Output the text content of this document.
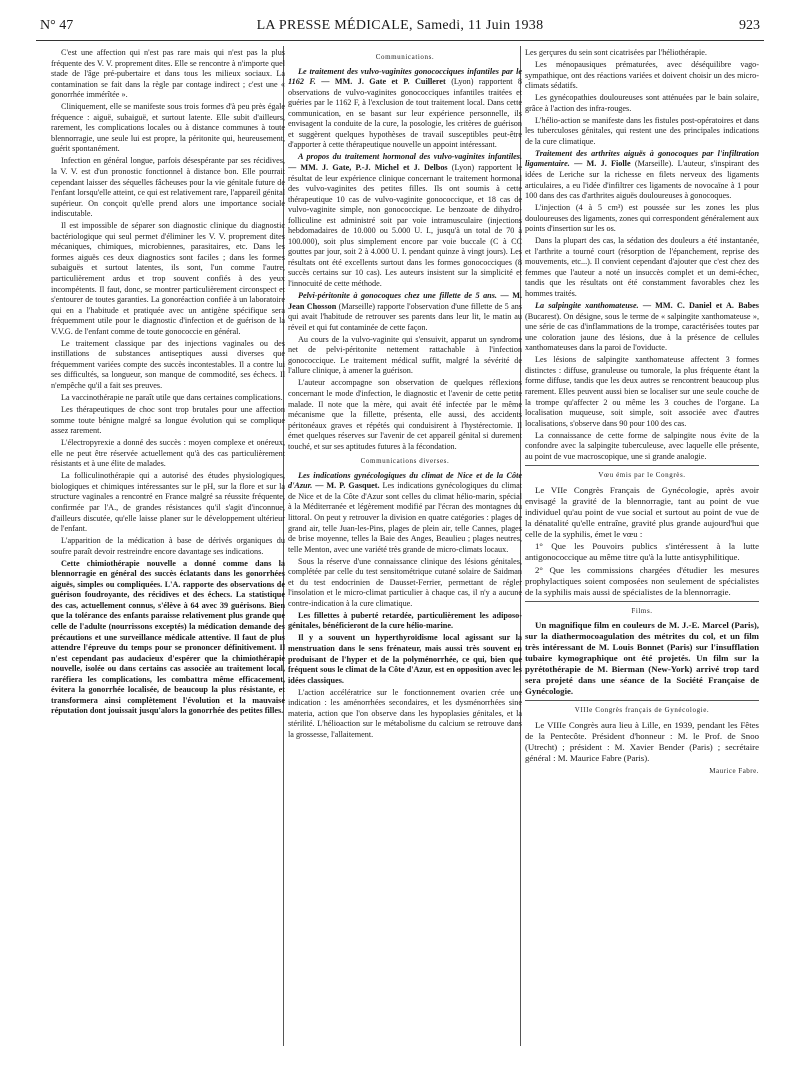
N° 47	LA PRESSE MÉDICALE, Samedi, 11 Juin 1938	923

C'est une affection qui n'est pas rare mais qui n'est pas la plus fréquente des V. V. proprement dites. Elle se rencontre à n'importe quel stade de l'âge pré-pubertaire et dans tous les milieux sociaux. La contamination se fait dans la règle par contage indirect ; c'est une « gonorrhée immérîtée ».

Cliniquement, elle se manifeste sous trois formes d'à peu près égale fréquence : aiguë, subaiguë, et surtout latente. Elle subit d'ailleurs, rarement, les complications locales ou à distance communes à toute blennorragie, une seule lui est propre, la péritonite qui, heureusement, guérit spontanément.

Infection en général longue, parfois désespérante par ses récidives, la V. V. est d'un pronostic fonctionnel à distance bon. Elle pourrait cependant laisser des séquelles fâcheuses pour la vie génitale future de l'enfant lorsqu'elle atteint, ce qui est relativement rare, l'appareil génital supérieur. On conçoit qu'elle prend alors une importance sociale indiscutable.

Il est impossible de séparer son diagnostic clinique du diagnostic bactériologique qui seul permet d'éliminer les V. V. proprement dites mécaniques, chimiques, microbiennes, parasitaires, etc. Dans les formes aiguës ces deux diagnostics sont faciles ; dans les formes subaiguës et surtout latentes, ils sont, l'un comme l'autre, particulièrement ardus et trop souvent confiés à des yeux incompétents. Il faut, donc, se montrer particulièrement circonspect et s'entourer de toutes garanties. La gonoréaction confiée à un laboratoire qui en a l'habitude et pratiquée avec un antigène spécifique sera fréquemment utile pour le diagnostic d'infection et de guérison de la V.V.G. de l'enfant comme de toute gonococcie en général.

Le traitement classique par des injections vaginales ou des instillations de substances antiseptiques aussi diverses que fréquemment variées compte des succès incontestables. Il a contre lui ses difficultés, sa longueur, son manque de commodité, ses échecs. Il n'empêche qu'il a fait ses preuves.

La vaccinothérapie ne paraît utile que dans certaines complications.

Les thérapeutiques de choc sont trop brutales pour une affection somme toute bénigne malgré sa longue évolution qui se complique assez rarement.

L'électropyrexie a donné des succès : moyen complexe et onéreux, elle ne peut être réservée actuellement qu'à des cas particulièrement résistants et à une élite de malades.

La folliculinothérapie qui a autorisé des études physiologiques, biologiques et chimiques intéressantes sur le pH, sur la flore et sur la structure vaginales a rencontré en France malgré sa réussite fréquente, confirmée par l'A., de grandes résistances qu'il s'agit d'inconnue, d'ailleurs discutée, qu'elle laisse planer sur le développement ultérieur de l'enfant.

L'apparition de la médication à base de dérivés organiques du soufre paraît devoir restreindre encore davantage ses indications.

Cette chimiothérapie nouvelle a donné comme dans la blennorragie en général des succès éclatants dans les gonorrhées aiguës, simples ou compliquées. L'A. rapporte des observations de guérison foudroyante, des récidives et des échecs. La statistique des cas, actuellement connus, s'élève à 64 avec 39 guérisons. Bien que la tolérance des enfants paraisse relativement plus grande que celle de l'adulte (nourrissons exceptés) la médication demande des précautions et une surveillance médicale attentive. Il faut de plus attendre l'épreuve du temps pour se prononcer définitivement. Il n'est cependant pas audacieux d'espérer que la chimiothérapie nouvelle, isolée ou dans certains cas associée au traitement local, raréfiera les complications, les combattra même efficacement, évitera la gonorrhée localisée, de beaucoup la plus résistante, et transformera ainsi complètement l'évolution et la mauvaise réputation dont jouissait jusqu'alors la gonorrhée des petites filles.

Communications.

Le traitement des vulvo-vaginites gonococciques infantiles par le 1162 F. — MM. J. Gate et P. Cuilleret (Lyon) rapportent 8 observations de vulvo-vaginites gonococciques infantiles traitées et guéries par le 1162 F, à l'exclusion de tout traitement local. Dans cette communication, en se basant sur leur expérience personnelle, ils envisagent la conduite de la cure, la posologie, les critères de guérison et suggèrent quelques hypothèses de travail susceptibles peut-être d'apporter à cette thérapeutique nouvelle un appoint intéressant.

A propos du traitement hormonal des vulvo-vaginites infantiles. — MM. J. Gate, P.-J. Michel et J. Delbos (Lyon) rapportent le résultat de leur expérience clinique concernant le traitement hormonal des vulvo-vaginites des petites filles. Ils ont soumis à cette thérapeutique 10 cas de vulvo-vaginite gonococcique, et 18 cas de vulvo-vaginite simple, non gonococcique. Le benzoate de dihydro-folliculine est administré soit par voie intramusculaire (injections hebdomadaires de 10.000 ou 5.000 U. I., jusqu'à un total de 70 à 100.000), soit plus simplement encore par voie buccale (C à CC gouttes par jour, soit 2 à 4.000 U. I. pendant quinze à vingt jours). Les résultats ont été excellents surtout dans les formes gonococciques (8 succès certains sur 10 cas). Les auteurs insistent sur la simplicité et l'innocuité de cette méthode.

Pelvi-péritonite à gonocoques chez une fillette de 5 ans. — M. Jean Chosson (Marseille) rapporte l'observation d'une fillette de 5 ans qui avait l'habitude de retrouver ses parents dans leur lit, le matin au réveil et qui fut contaminée de cette façon.

Au cours de la vulvo-vaginite qui s'ensuivit, apparut un syndrome net de pelvi-péritonite nettement rattachable à l'infection gonococcique. Le traitement médical suffit, malgré la sévérité de l'allure clinique, à amener la guérison.

L'auteur accompagne son observation de quelques réflexions concernant le mode d'infection, le diagnostic et l'avenir de cette petite malade. Il note que la mère, qui avait été infectée par le même mécanisme que la fillette, présenta, elle aussi, des accidents péritonéaux graves et répétés qui conduisirent à l'hystérectomie. Il émet quelques réserves sur l'avenir de cet appareil génital si durement touché, et sur ses aptitudes futures à la fécondation.

Communications diverses.

Les indications gynécologiques du climat de Nice et de la Côte d'Azur. — M. P. Gasquet. Les indications gynécologiques du climat de Nice et de la Côte d'Azur sont celles du climat hélio-marin, spécial à la Méditerranée et légèrement modifié par l'écran des montagnes du littoral. On peut y retrouver la division en quatre catégories : plages de grand air, telle Juan-les-Pins, plages de plein air, telle Cannes, plages de brise moyenne, telles la Baie des Anges, Beaulieu ; plages neutres, telle Menton, avec une variété très grande de micro-climats locaux.

Sous la réserve d'une connaissance clinique des lésions génitales, complétée par celle du test sensitométrique cutané solaire de Saidman et du test endocrinien de Dausset-Ferrier, permettant de régler l'insolation et le micro-climat particulier à chaque cas, il n'y a aucune contre-indication à la cure climatique.

Les fillettes à puberté retardée, particulièrement les adiposo-génitales, bénéficieront de la cure hélio-marine.

Il y a souvent un hyperthyroïdisme local agissant sur la menstruation dans le sens frénateur, mais aussi très souvent en produisant de l'hyper et de la polyménorrhée, ce qui, bien que fréquent sous le climat de la Côte d'Azur, est en opposition avec les idées classiques.

L'action accélératrice sur le fonctionnement ovarien crée une indication : les aménorrhées secondaires, et les dysménorrhées sine materia, action que l'on observe dans les hypoplasies génitales, et la stérilité. L'hélioaction sur le métabolisme du calcium se retrouve dans la grossesse, l'allaitement.

Les gerçures du sein sont cicatrisées par l'héliothérapie.

Les ménopausiques prématurées, avec déséquilibre vago-sympathique, ont des réactions variées et doivent choisir un des micro-climats sédatifs.

Les gynécopathies douloureuses sont atténuées par le bain solaire, grâce à l'action des infra-rouges.

L'hélio-action se manifeste dans les fistules post-opératoires et dans les tuberculoses génitales, qui restent une des principales indications de la cure climatique.

Traitement des arthrites aiguës à gonocoques par l'infiltration ligamentaire. — M. J. Fiolle (Marseille). L'auteur, s'inspirant des idées de Leriche sur la richesse en filets nerveux des ligaments articulaires, a eu l'idée d'infiltrer ces ligaments de novocaïne à 1 pour 100 dans des cas d'arthrites aiguës douloureuses à gonocoques.

L'injection (4 à 5 cm³) est poussée sur les zones les plus douloureuses des ligaments, zones qui correspondent généralement aux points d'insertion sur les os.

Dans la plupart des cas, la sédation des douleurs a été instantanée, et l'arthrite a tourné court (résorption de l'épanchement, reprise des mouvements, etc...). Il convient cependant d'ajouter que c'est chez des femmes que l'auteur a noté un insuccès complet et un demi-échec, tandis que les résultats ont été constamment favorables chez les hommes traités.

La salpingite xanthomateuse. — MM. C. Daniel et A. Babes (Bucarest). On désigne, sous le terme de « salpingite xanthomateuse », une série de cas d'inflammations de la trompe, caractérisées toutes par une coloration jaune des lésions, due à la présence de cellules xanthomateuses dans la paroi de l'oviducte.

Les lésions de salpingite xanthomateuse affectent 3 formes distinctes : diffuse, granuleuse ou tumorale, la plus fréquente étant la forme diffuse, tandis que les deux autres se rencontrent beaucoup plus rarement. Elles peuvent aussi bien se localiser sur une seule couche de la trompe qu'affecter 2 ou même les 3 couches de l'organe. La localisation muqueuse, soit simple, soit associée avec d'autres localisations, s'observe dans 90 pour 100 des cas.

La connaissance de cette forme de salpingite nous évite de la confondre avec la salpingite tuberculeuse, avec laquelle elle présente, au point de vue macroscopique, une si grande analogie.

Vœu émis par le Congrès.

Le VIIe Congrès Français de Gynécologie, après avoir envisagé la gravité de la blennorragie, tant au point de vue individuel qu'au point de vue social et surtout au point de vue de la dénatalité qu'elle entraîne, gravité plus grande aujourd'hui que celle de la syphilis, émet le vœu :

1° Que les Pouvoirs publics s'intéressent à la lutte antigonococcique au même titre qu'à la lutte antisyphilitique.

2° Que les commissions chargées d'étudier les mesures prophylactiques soient composées non seulement de spécialistes de la syphilis mais aussi de spécialistes de la blennorragie.

Films.

Un magnifique film en couleurs de M. J.-E. Marcel (Paris), sur la diathermocoagulation des métrites du col, et un film très intéressant de M. Louis Bonnet (Paris) sur l'insufflation tubaire kymographique ont été projetés. Un film sur la pyrétothérapie de M. Bierman (New-York) arrivé trop tard sera projeté dans une séance de la Société Française de Gynécologie.

VIIIe Congrès français de Gynécologie.

Le VIIIe Congrès aura lieu à Lille, en 1939, pendant les Fêtes de la Pentecôte. Président d'honneur : M. le Prof. de Snoo (Utrecht) ; président : M. Xavier Bender (Paris) ; secrétaire général : M. Maurice Fabre (Paris).

Maurice Fabre.
